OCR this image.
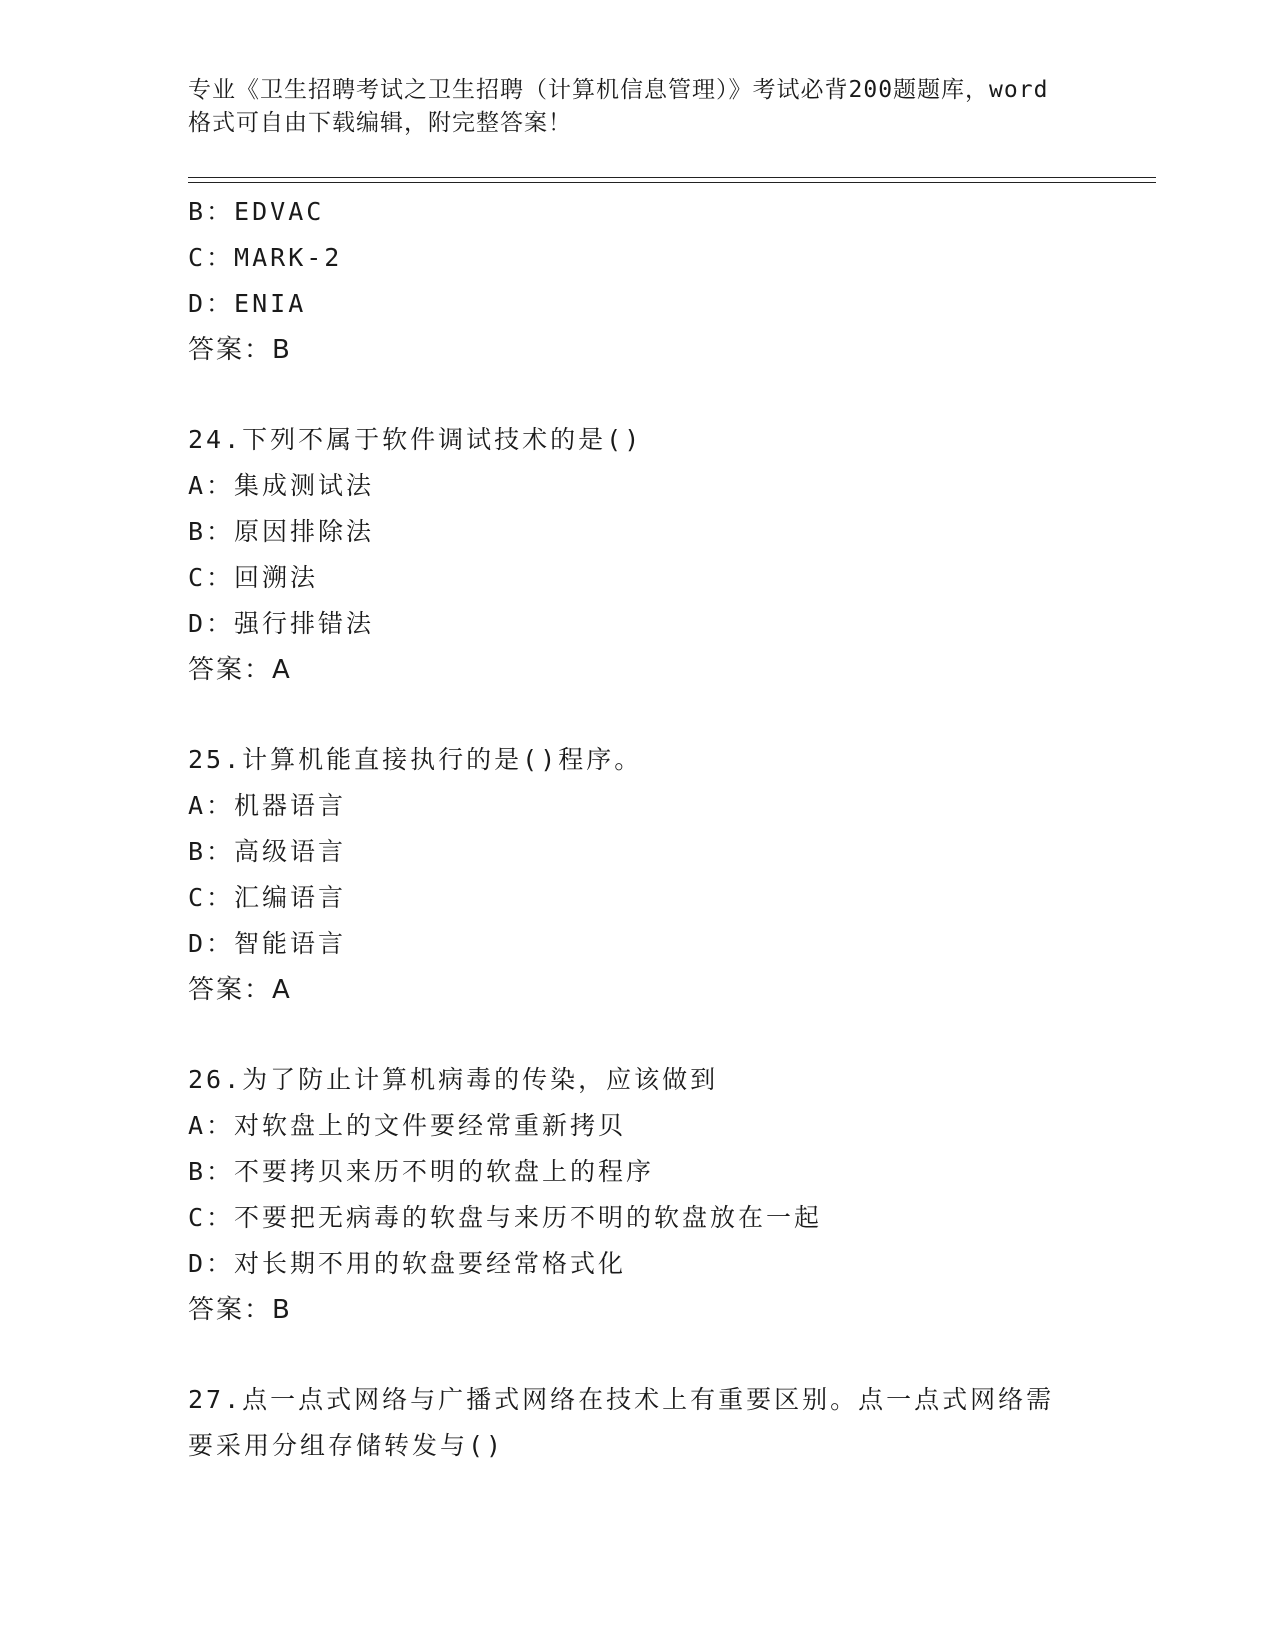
专业《卫生招聘考试之卫生招聘（计算机信息管理）》考试必背200题题库，word
格式可自由下载编辑，附完整答案！
B：EDVAC
C：MARK-2
D：ENIA
答案：B
24.下列不属于软件调试技术的是()
A：集成测试法
B：原因排除法
C：回溯法
D：强行排错法
答案：A
25.计算机能直接执行的是()程序。
A：机器语言
B：高级语言
C：汇编语言
D：智能语言
答案：A
26.为了防止计算机病毒的传染，应该做到
A：对软盘上的文件要经常重新拷贝
B：不要拷贝来历不明的软盘上的程序
C：不要把无病毒的软盘与来历不明的软盘放在一起
D：对长期不用的软盘要经常格式化
答案：B
27.点一点式网络与广播式网络在技术上有重要区别。点一点式网络需
要采用分组存储转发与()
